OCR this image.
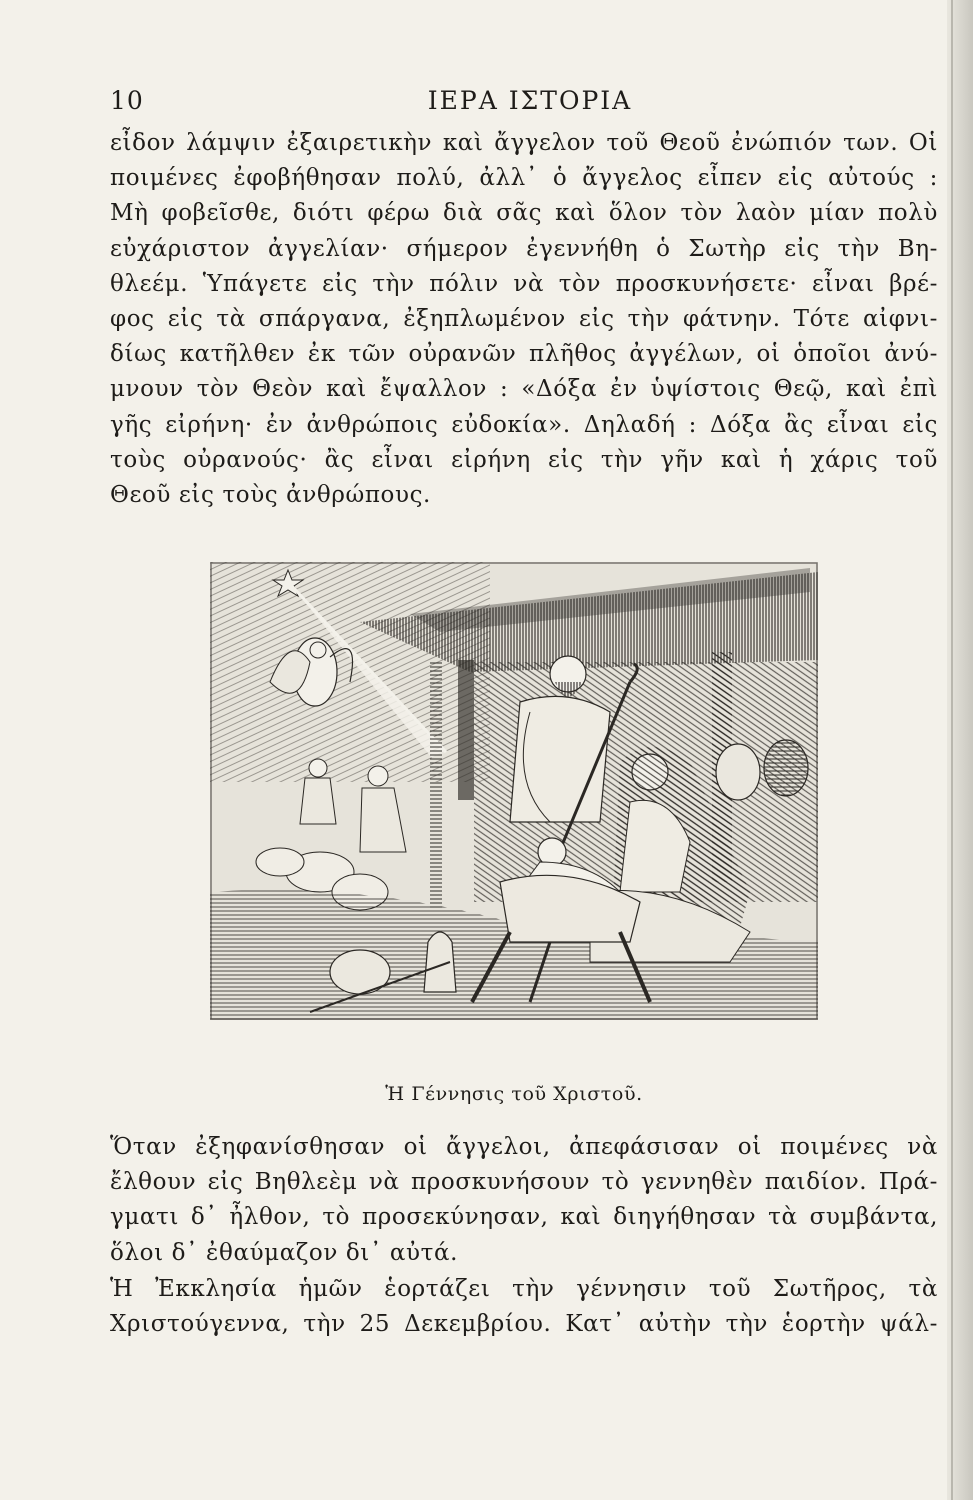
10	ΙΕΡΑ ΙΣΤΟΡΙΑ
εἶδον λάμψιν ἐξαιρετικὴν καὶ ἄγγελον τοῦ Θεοῦ ἐνώπιόν των. Οἱ
ποιμένες ἐφοβήθησαν πολύ, ἀλλ᾽ ὁ ἄγγελος εἶπεν εἰς αὐτούς :
Μὴ φοβεῖσθε, διότι φέρω διὰ σᾶς καὶ ὅλον τὸν λαὸν μίαν πολὺ
εὐχάριστον ἀγγελίαν· σήμερον ἐγεννήθη ὁ Σωτὴρ εἰς τὴν Βη-
θλεέμ. Ὑπάγετε εἰς τὴν πόλιν νὰ τὸν προσκυνήσετε· εἶναι βρέ-
φος εἰς τὰ σπάργανα, ἐξηπλωμένον εἰς τὴν φάτνην. Τότε αἰφνι-
δίως κατῆλθεν ἐκ τῶν οὐρανῶν πλῆθος ἀγγέλων, οἱ ὁποῖοι ἀνύ-
μνουν τὸν Θεὸν καὶ ἔψαλλον : «Δόξα ἐν ὑψίστοις Θεῷ, καὶ ἐπὶ
γῆς εἰρήνη· ἐν ἀνθρώποις εὐδοκία». Δηλαδή : Δόξα ἂς εἶναι εἰς
τοὺς οὐρανούς· ἂς εἶναι εἰρήνη εἰς τὴν γῆν καὶ ἡ χάρις τοῦ
Θεοῦ εἰς τοὺς ἀνθρώπους.
Ἡ Γέννησις τοῦ Χριστοῦ.
Ὅταν ἐξηφανίσθησαν οἱ ἄγγελοι, ἀπεφάσισαν οἱ ποιμένες νὰ
ἔλθουν εἰς Βηθλεὲμ νὰ προσκυνήσουν τὸ γεννηθὲν παιδίον. Πρά-
γματι δ᾽ ἦλθον, τὸ προσεκύνησαν, καὶ διηγήθησαν τὰ συμβάντα,
ὅλοι δ᾽ ἐθαύμαζον δι᾽ αὐτά.
Ἡ Ἐκκλησία ἡμῶν ἑορτάζει τὴν γέννησιν τοῦ Σωτῆρος, τὰ
Χριστούγεννα, τὴν 25 Δεκεμβρίου. Κατ᾽ αὐτὴν τὴν ἑορτὴν ψάλ-
